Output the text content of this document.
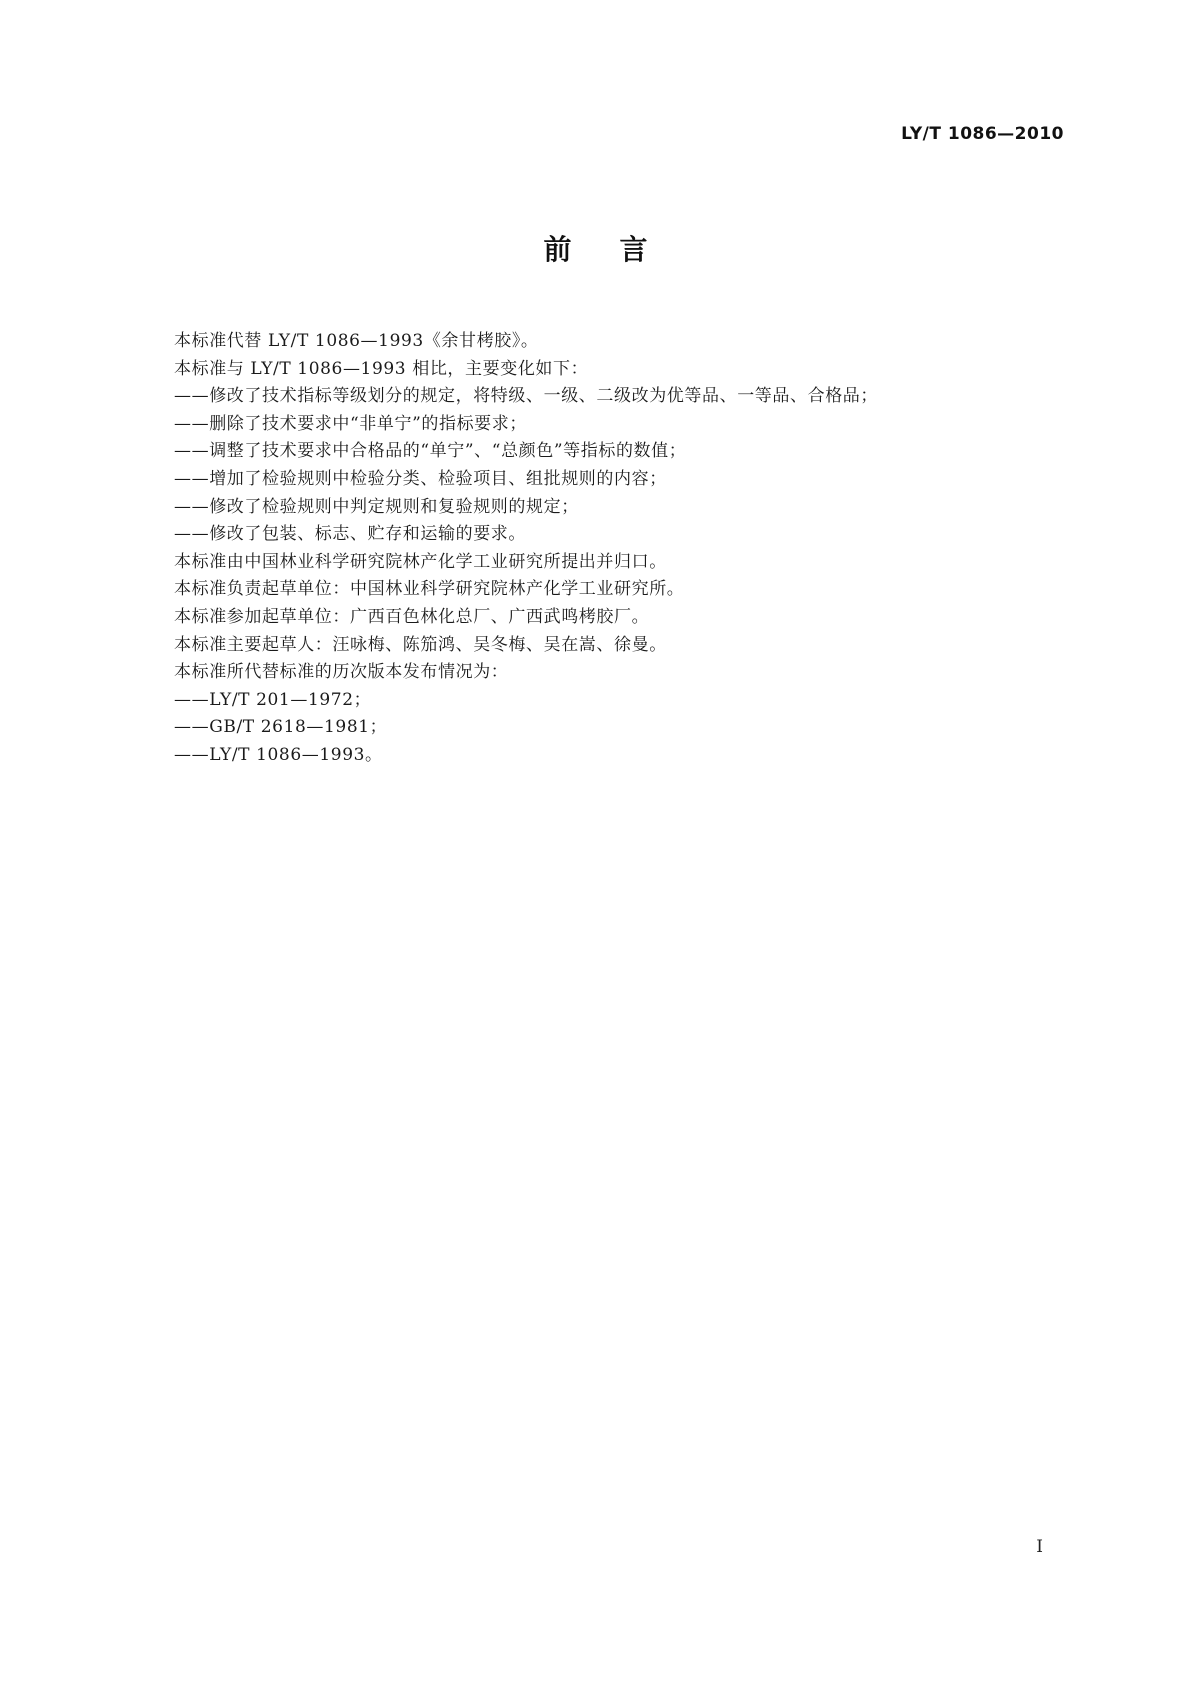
LY/T 1086—2010
前 言
本标准代替 LY/T 1086—1993《余甘栲胶》。
本标准与 LY/T 1086—1993 相比，主要变化如下：
——修改了技术指标等级划分的规定，将特级、一级、二级改为优等品、一等品、合格品；
——删除了技术要求中“非单宁”的指标要求；
——调整了技术要求中合格品的“单宁”、“总颜色”等指标的数值；
——增加了检验规则中检验分类、检验项目、组批规则的内容；
——修改了检验规则中判定规则和复验规则的规定；
——修改了包装、标志、贮存和运输的要求。
本标准由中国林业科学研究院林产化学工业研究所提出并归口。
本标准负责起草单位：中国林业科学研究院林产化学工业研究所。
本标准参加起草单位：广西百色林化总厂、广西武鸣栲胶厂。
本标准主要起草人：汪咏梅、陈笳鸿、吴冬梅、吴在嵩、徐曼。
本标准所代替标准的历次版本发布情况为：
——LY/T 201—1972；
——GB/T 2618—1981；
——LY/T 1086—1993。
I
